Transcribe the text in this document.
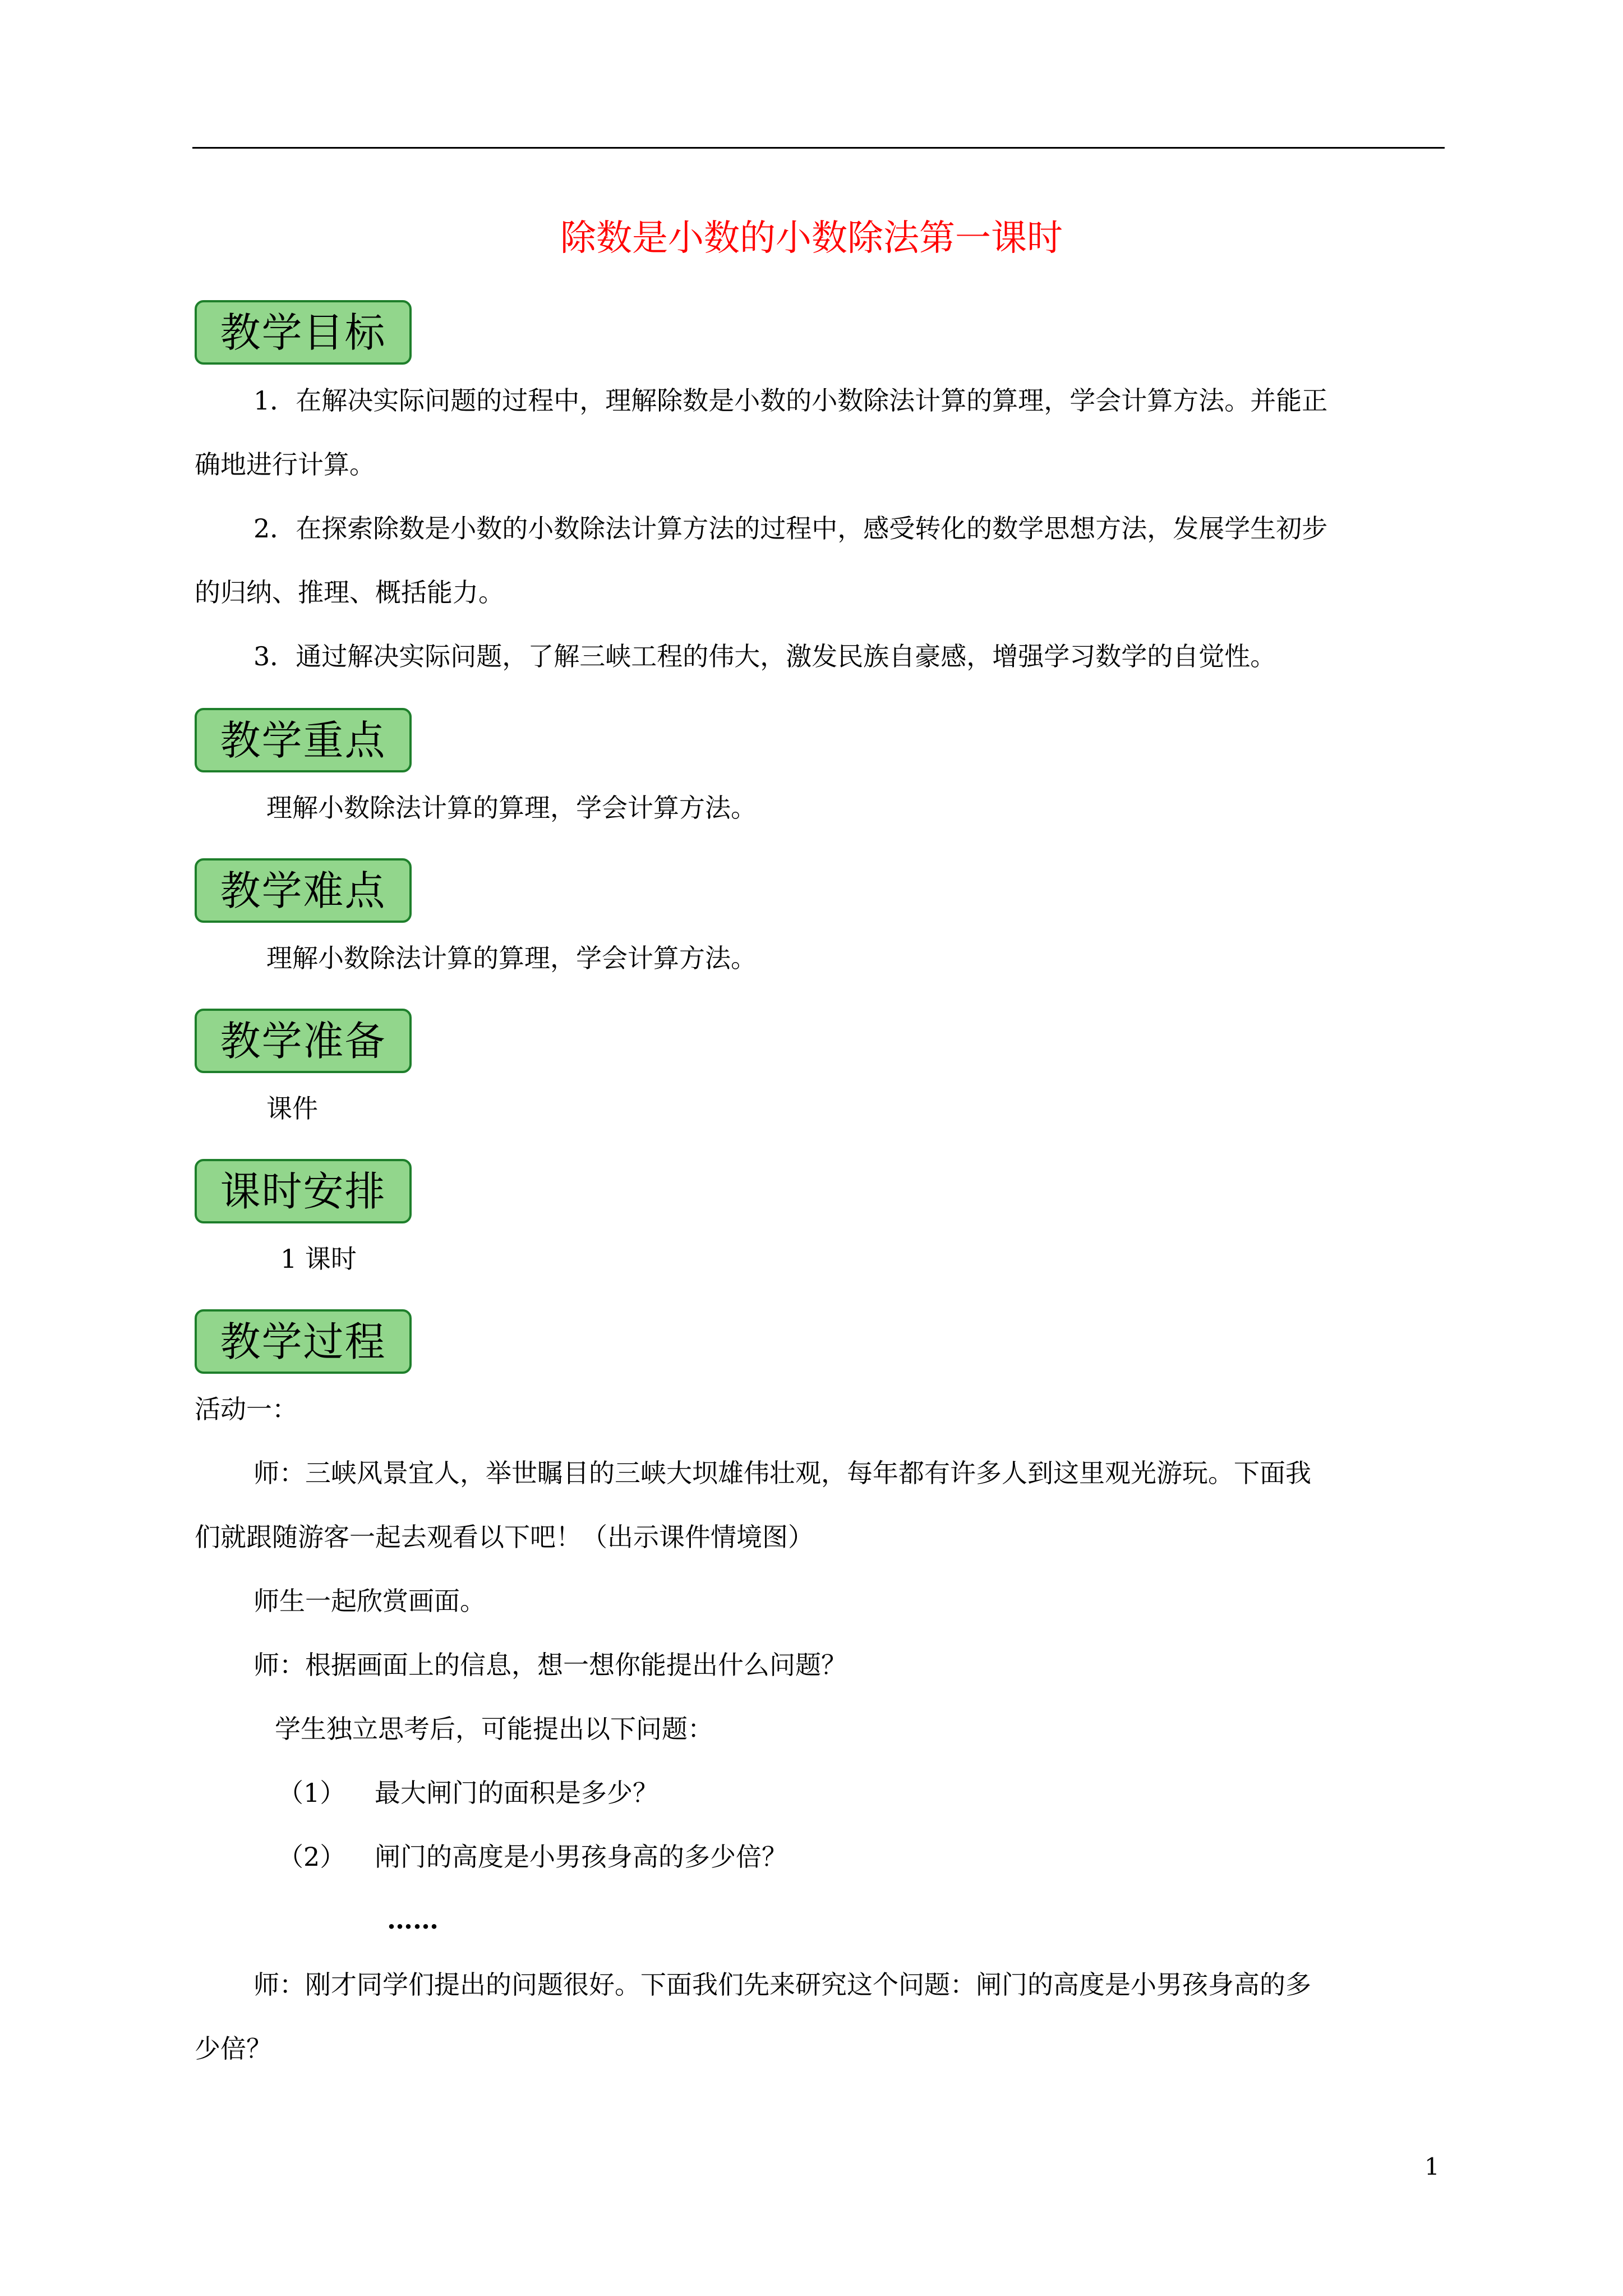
除数是小数的小数除法第一课时
教学目标
1．在解决实际问题的过程中，理解除数是小数的小数除法计算的算理，学会计算方法。并能正
确地进行计算。
2．在探索除数是小数的小数除法计算方法的过程中，感受转化的数学思想方法，发展学生初步
的归纳、推理、概括能力。
3．通过解决实际问题，了解三峡工程的伟大，激发民族自豪感，增强学习数学的自觉性。
教学重点
理解小数除法计算的算理，学会计算方法。
教学难点
理解小数除法计算的算理，学会计算方法。
教学准备
课件
课时安排
1 课时
教学过程
活动一：
师：三峡风景宜人，举世瞩目的三峡大坝雄伟壮观，每年都有许多人到这里观光游玩。下面我
们就跟随游客一起去观看以下吧！（出示课件情境图）
师生一起欣赏画面。
师：根据画面上的信息，想一想你能提出什么问题？
学生独立思考后，可能提出以下问题：
（1） 最大闸门的面积是多少？
（2） 闸门的高度是小男孩身高的多少倍？
……
师：刚才同学们提出的问题很好。下面我们先来研究这个问题：闸门的高度是小男孩身高的多
少倍？
1
